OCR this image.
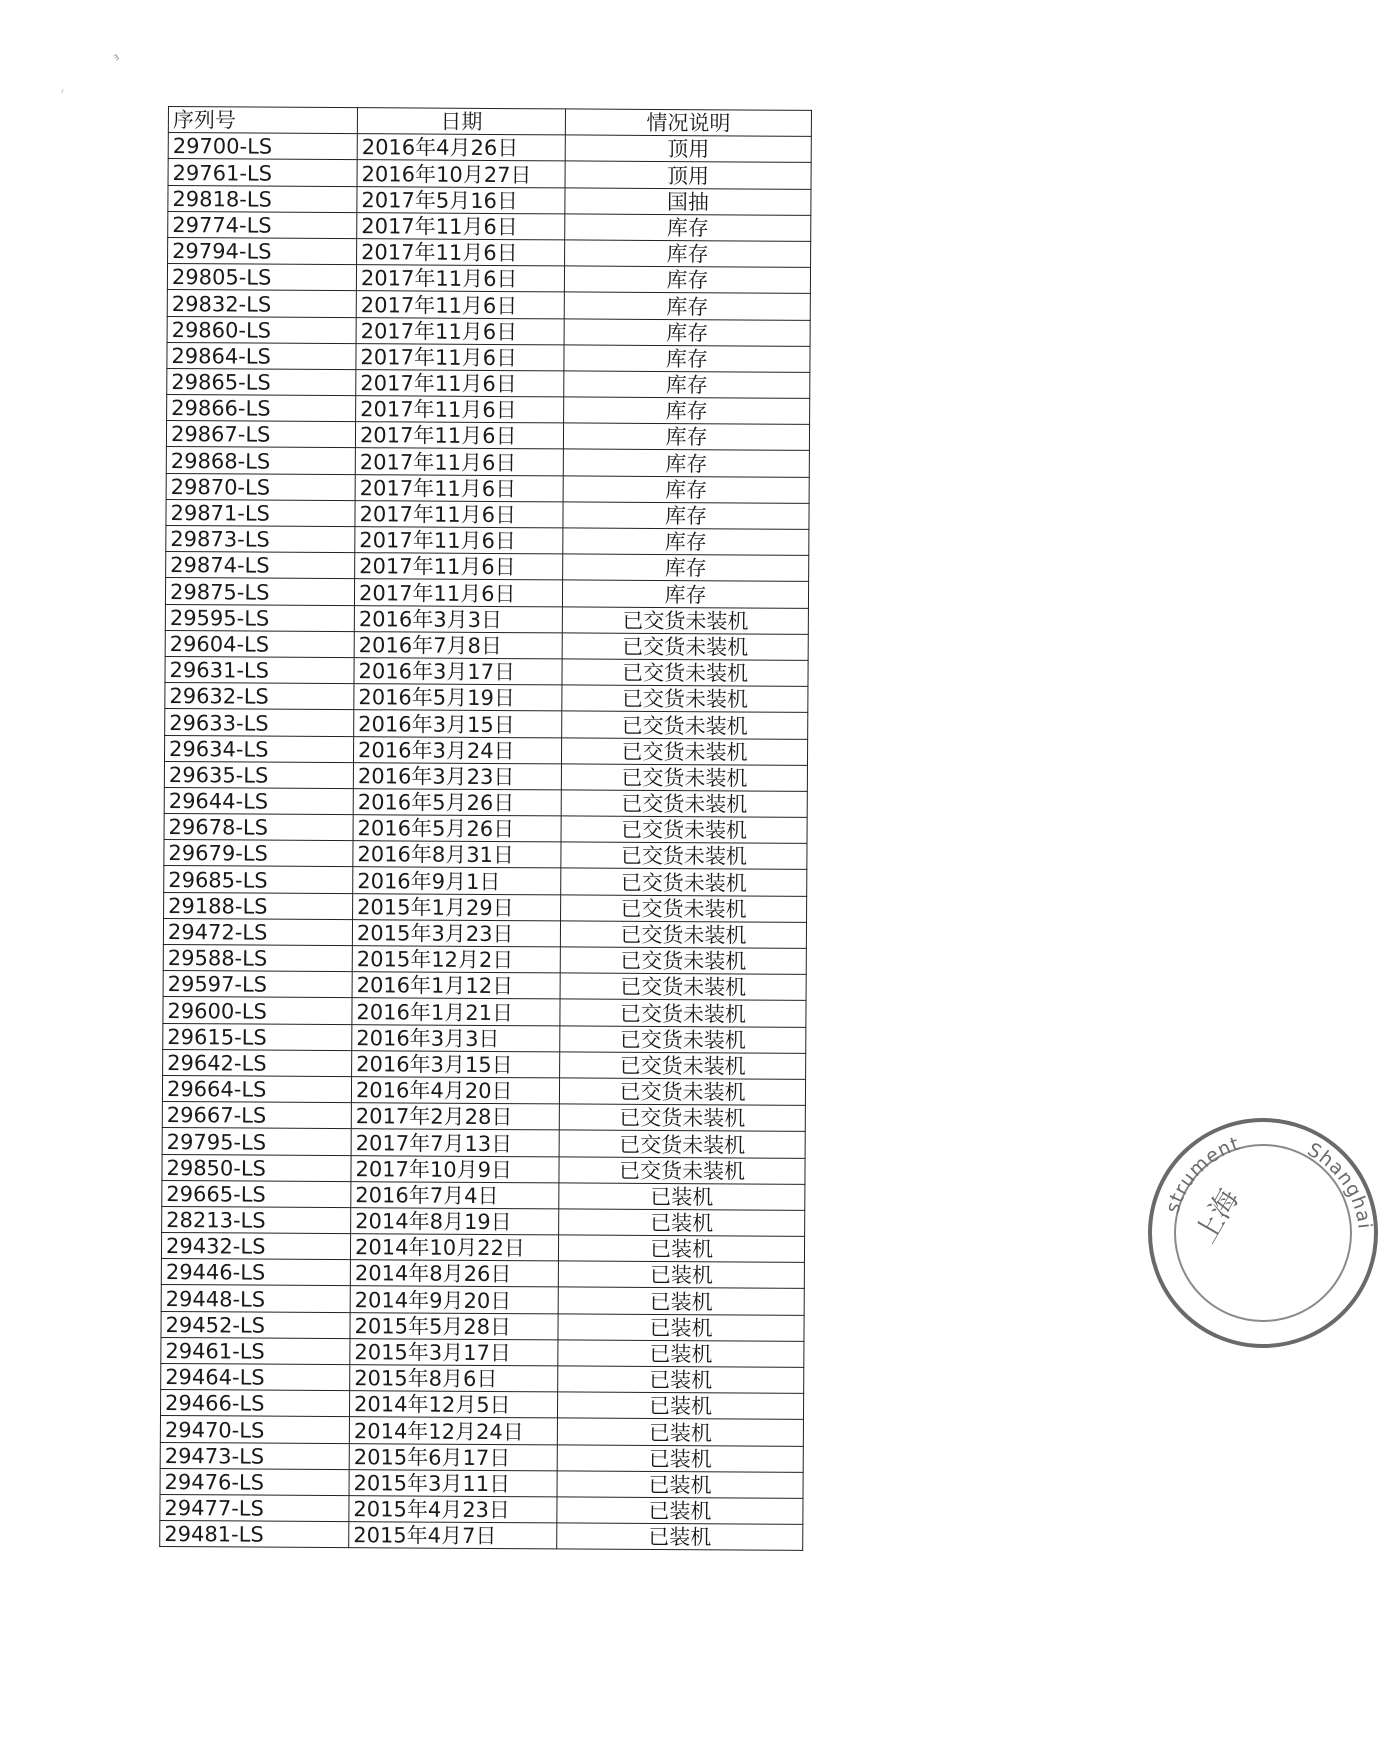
ⱻ
ⸯ
序列号	日期	情况说明
29700-LS	2016年4月26日	顶用
29761-LS	2016年10月27日	顶用
29818-LS	2017年5月16日	国抽
29774-LS	2017年11月6日	库存
29794-LS	2017年11月6日	库存
29805-LS	2017年11月6日	库存
29832-LS	2017年11月6日	库存
29860-LS	2017年11月6日	库存
29864-LS	2017年11月6日	库存
29865-LS	2017年11月6日	库存
29866-LS	2017年11月6日	库存
29867-LS	2017年11月6日	库存
29868-LS	2017年11月6日	库存
29870-LS	2017年11月6日	库存
29871-LS	2017年11月6日	库存
29873-LS	2017年11月6日	库存
29874-LS	2017年11月6日	库存
29875-LS	2017年11月6日	库存
29595-LS	2016年3月3日	已交货未装机
29604-LS	2016年7月8日	已交货未装机
29631-LS	2016年3月17日	已交货未装机
29632-LS	2016年5月19日	已交货未装机
29633-LS	2016年3月15日	已交货未装机
29634-LS	2016年3月24日	已交货未装机
29635-LS	2016年3月23日	已交货未装机
29644-LS	2016年5月26日	已交货未装机
29678-LS	2016年5月26日	已交货未装机
29679-LS	2016年8月31日	已交货未装机
29685-LS	2016年9月1日	已交货未装机
29188-LS	2015年1月29日	已交货未装机
29472-LS	2015年3月23日	已交货未装机
29588-LS	2015年12月2日	已交货未装机
29597-LS	2016年1月12日	已交货未装机
29600-LS	2016年1月21日	已交货未装机
29615-LS	2016年3月3日	已交货未装机
29642-LS	2016年3月15日	已交货未装机
29664-LS	2016年4月20日	已交货未装机
29667-LS	2017年2月28日	已交货未装机
29795-LS	2017年7月13日	已交货未装机
29850-LS	2017年10月9日	已交货未装机
29665-LS	2016年7月4日	已装机
28213-LS	2014年8月19日	已装机
29432-LS	2014年10月22日	已装机
29446-LS	2014年8月26日	已装机
29448-LS	2014年9月20日	已装机
29452-LS	2015年5月28日	已装机
29461-LS	2015年3月17日	已装机
29464-LS	2015年8月6日	已装机
29466-LS	2014年12月5日	已装机
29470-LS	2014年12月24日	已装机
29473-LS	2015年6月17日	已装机
29476-LS	2015年3月11日	已装机
29477-LS	2015年4月23日	已装机
29481-LS	2015年4月7日	已装机
Shanghai
strument
上海
